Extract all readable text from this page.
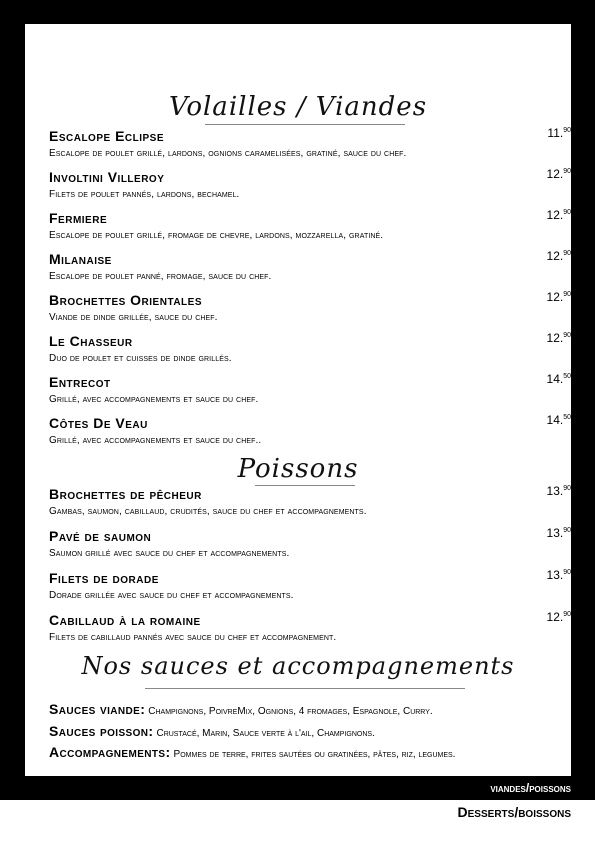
Volailles / Viandes
Escalope Eclipse
Escalope de poulet grillé, lardons, ognions caramelisées, gratiné, sauce du chef.
11.90
Involtini Villeroy
Filets de poulet pannés, lardons, bechamel.
12.90
Fermiere
Escalope de poulet grillé, fromage de chevre, lardons, mozzarella, gratiné.
12.90
Milanaise
Escalope de poulet panné, fromage, sauce du chef.
12.90
Brochettes Orientales
Viande de dinde grillée, sauce du chef.
12.90
Le Chasseur
Duo de poulet et cuisses de dinde grillés.
12.90
Entrecot
Grillé, avec accompagnements et sauce du chef.
14.50
Côtes De Veau
Grillé, avec accompagnements et sauce du chef..
14.50
Poissons
Brochettes de pêcheur
Gambas, saumon, cabillaud, crudités, sauce du chef et accompagnements.
13.90
Pavé de saumon
Saumon grillé avec sauce du chef et accompagnements.
13.90
Filets de dorade
Dorade grillée avec sauce du chef et accompagnements.
13.90
Cabillaud à la romaine
Filets de cabillaud pannés avec sauce du chef et accompagnement.
12.90
Nos sauces et accompagnements
Sauces viande: Champignons, PoivreMix, Ognions, 4 fromages, Espagnole, Curry.
Sauces poisson: Crustacé, Marin, Sauce verte à l'ail, Champignons.
Accompagnements: Pommes de terre, frites sautées ou gratinées, pâtes, riz, legumes.
viandes/poissons
Desserts/boissons
